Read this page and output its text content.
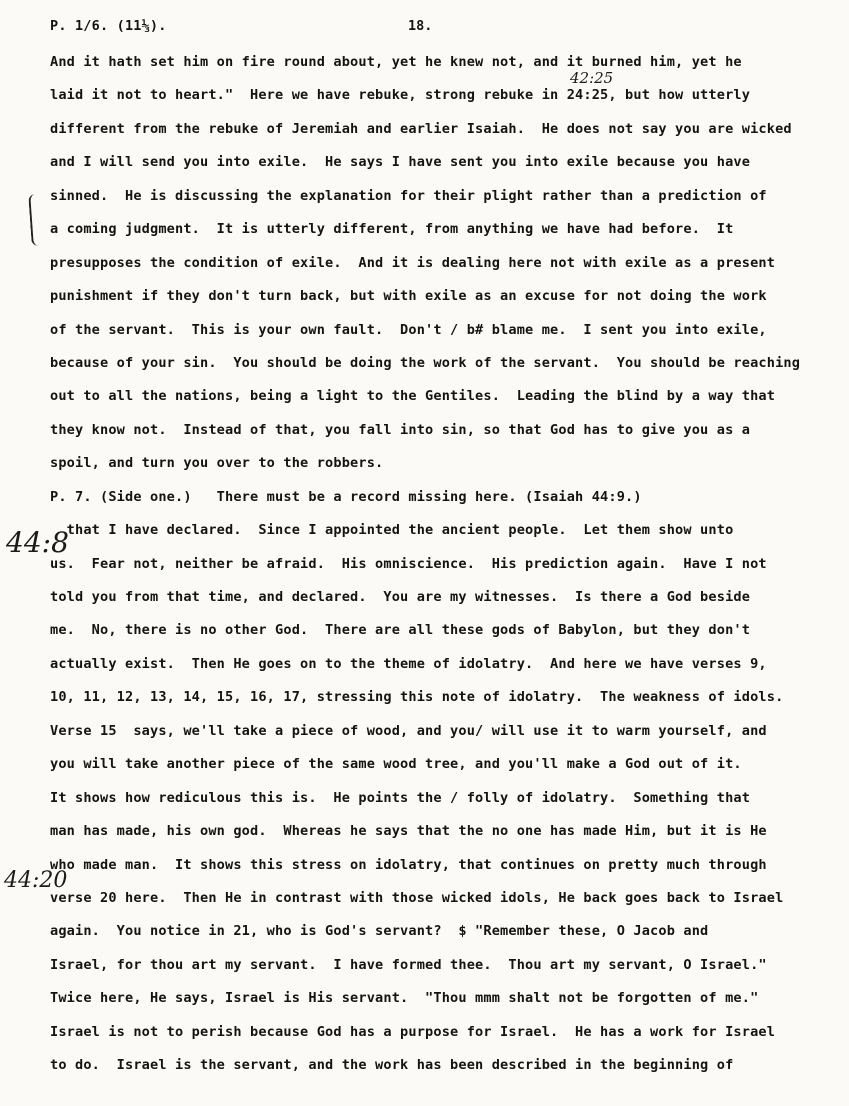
P. 1/6. (11⅓).	18.
42:25
44:8
44:20
And it hath set him on fire round about, yet he knew not, and it burned him, yet he
laid it not to heart."  Here we have rebuke, strong rebuke in 24:25, but how utterly
different from the rebuke of Jeremiah and earlier Isaiah.  He does not say you are wicked
and I will send you into exile.  He says I have sent you into exile because you have
sinned.  He is discussing the explanation for their plight rather than a prediction of
a coming judgment.  It is utterly different, from anything we have had before.  It
presupposes the condition of exile.  And it is dealing here not with exile as a present
punishment if they don't turn back, but with exile as an excuse for not doing the work
of the servant.  This is your own fault.  Don't / b# blame me.  I sent you into exile,
because of your sin.  You should be doing the work of the servant.  You should be reaching
out to all the nations, being a light to the Gentiles.  Leading the blind by a way that
they know not.  Instead of that, you fall into sin, so that God has to give you as a
spoil, and turn you over to the robbers.
P. 7. (Side one.)   There must be a record missing here. (Isaiah 44:9.)
that I have declared.  Since I appointed the ancient people.  Let them show unto
us.  Fear not, neither be afraid.  His omniscience.  His prediction again.  Have I not
told you from that time, and declared.  You are my witnesses.  Is there a God beside
me.  No, there is no other God.  There are all these gods of Babylon, but they don't
actually exist.  Then He goes on to the theme of idolatry.  And here we have verses 9,
10, 11, 12, 13, 14, 15, 16, 17, stressing this note of idolatry.  The weakness of idols.
Verse 15  says, we'll take a piece of wood, and you/ will use it to warm yourself, and
you will take another piece of the same wood tree, and you'll make a God out of it.
It shows how rediculous this is.  He points the / folly of idolatry.  Something that
man has made, his own god.  Whereas he says that the no one has made Him, but it is He
who made man.  It shows this stress on idolatry, that continues on pretty much through
verse 20 here.  Then He in contrast with those wicked idols, He back goes back to Israel
again.  You notice in 21, who is God's servant?  $ "Remember these, O Jacob and
Israel, for thou art my servant.  I have formed thee.  Thou art my servant, O Israel."
Twice here, He says, Israel is His servant.  "Thou mmm shalt not be forgotten of me."
Israel is not to perish because God has a purpose for Israel.  He has a work for Israel
to do.  Israel is the servant, and the work has been described in the beginning of
